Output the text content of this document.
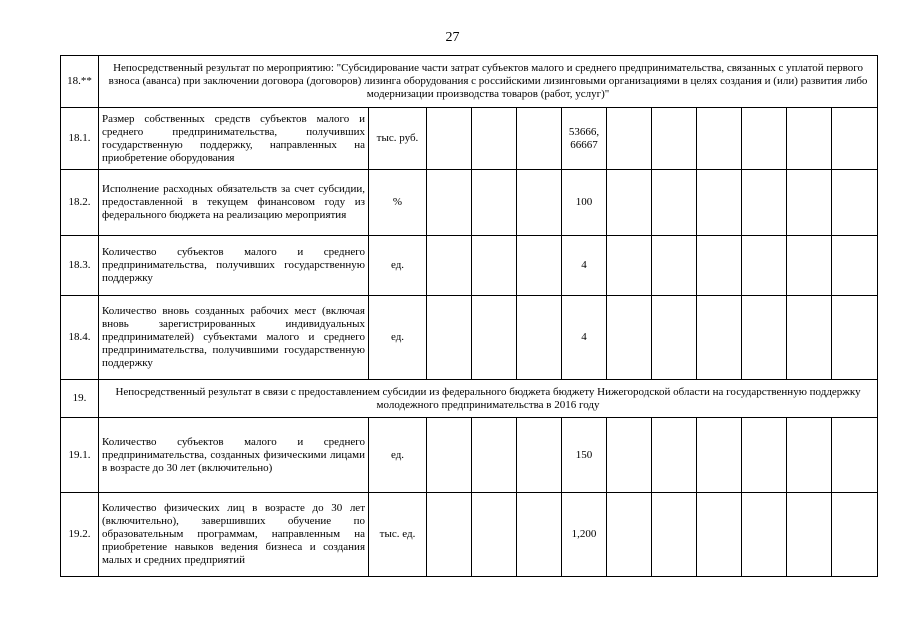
27
18.**	Непосредственный результат по мероприятию: "Субсидирование части затрат субъектов малого и среднего предпринимательства, связанных с уплатой первого взноса (аванса) при заключении договора (договоров) лизинга оборудования с российскими лизинговыми организациями в целях создания и (или) развития либо модернизации производства товаров (работ, услуг)"											
18.1.	Размер собственных средств субъектов малого и среднего предпринимательства, получивших государственную поддержку, направленных на приобретение оборудования	тыс. руб.				53666,
66667						

18.2.	Исполнение расходных обязательств за счет субсидии, предоставленной в текущем финансовом году из федерального бюджета на реализацию мероприятия	%				100						

18.3.	Количество субъектов малого и среднего предпринимательства, получивших государственную поддержку	ед.				4						

18.4.	Количество вновь созданных рабочих мест (включая вновь зарегистрированных индивидуальных предпринимателей) субъектами малого и среднего предпринимательства, получившими государственную поддержку	ед.				4						

19.	Непосредственный результат в связи с предоставлением субсидии из федерального бюджета бюджету Нижегородской области на государственную поддержку молодежного предпринимательства в 2016 году											
19.1.	Количество субъектов малого и среднего предпринимательства, созданных физическими лицами в возрасте до 30 лет (включительно)	ед.				150						

19.2.	Количество физических лиц в возрасте до 30 лет (включительно), завершивших обучение по образовательным программам, направленным на приобретение навыков ведения бизнеса и создания малых и средних предприятий	тыс. ед.				1,200						
